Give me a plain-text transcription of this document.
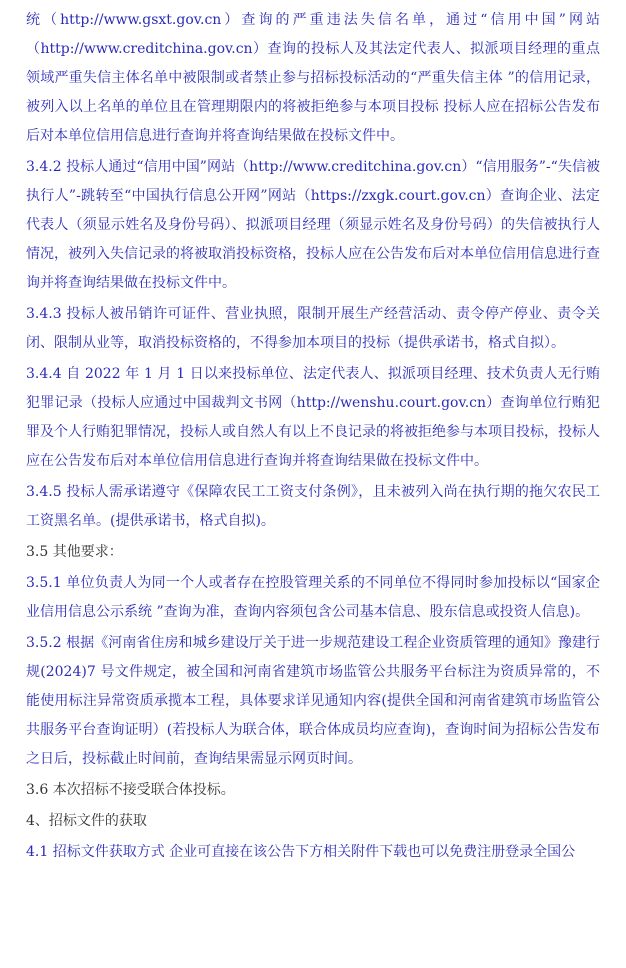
统（http://www.gsxt.gov.cn）查询的严重违法失信名单，通过“信用中国”网站（http://www.creditchina.gov.cn）查询的投标人及其法定代表人、拟派项目经理的重点领域严重失信主体名单中被限制或者禁止参与招标投标活动的“严重失信主体 ”的信用记录，被列入以上名单的单位且在管理期限内的将被拒绝参与本项目投标 投标人应在招标公告发布后对本单位信用信息进行查询并将查询结果做在投标文件中。

3.4.2 投标人通过“信用中国”网站（http://www.creditchina.gov.cn）“信用服务”-“失信被执行人”-跳转至“中国执行信息公开网”网站（https://zxgk.court.gov.cn）查询企业、法定代表人（须显示姓名及身份号码）、拟派项目经理（须显示姓名及身份号码）的失信被执行人情况，被列入失信记录的将被取消投标资格，投标人应在公告发布后对本单位信用信息进行查询并将查询结果做在投标文件中。

3.4.3 投标人被吊销许可证件、营业执照，限制开展生产经营活动、责令停产停业、责令关闭、限制从业等，取消投标资格的，不得参加本项目的投标（提供承诺书，格式自拟）。

3.4.4 自 2022 年 1 月 1 日以来投标单位、法定代表人、拟派项目经理、技术负责人无行贿犯罪记录（投标人应通过中国裁判文书网（http://wenshu.court.gov.cn）查询单位行贿犯罪及个人行贿犯罪情况，投标人或自然人有以上不良记录的将被拒绝参与本项目投标，投标人应在公告发布后对本单位信用信息进行查询并将查询结果做在投标文件中。

3.4.5 投标人需承诺遵守《保障农民工工资支付条例》，且未被列入尚在执行期的拖欠农民工工资黑名单。(提供承诺书，格式自拟)。

3.5 其他要求：

3.5.1 单位负责人为同一个人或者存在控股管理关系的不同单位不得同时参加投标以“国家企业信用信息公示系统 ”查询为准，查询内容须包含公司基本信息、股东信息或投资人信息)。

3.5.2 根据《河南省住房和城乡建设厅关于进一步规范建设工程企业资质管理的通知》豫建行规(2024)7 号文件规定，被全国和河南省建筑市场监管公共服务平台标注为资质异常的，不能使用标注异常资质承揽本工程，具体要求详见通知内容(提供全国和河南省建筑市场监管公共服务平台查询证明）(若投标人为联合体，联合体成员均应查询)，查询时间为招标公告发布之日后，投标截止时间前，查询结果需显示网页时间。

3.6 本次招标不接受联合体投标。

4、招标文件的获取

4.1 招标文件获取方式 企业可直接在该公告下方相关附件下载也可以免费注册登录全国公
